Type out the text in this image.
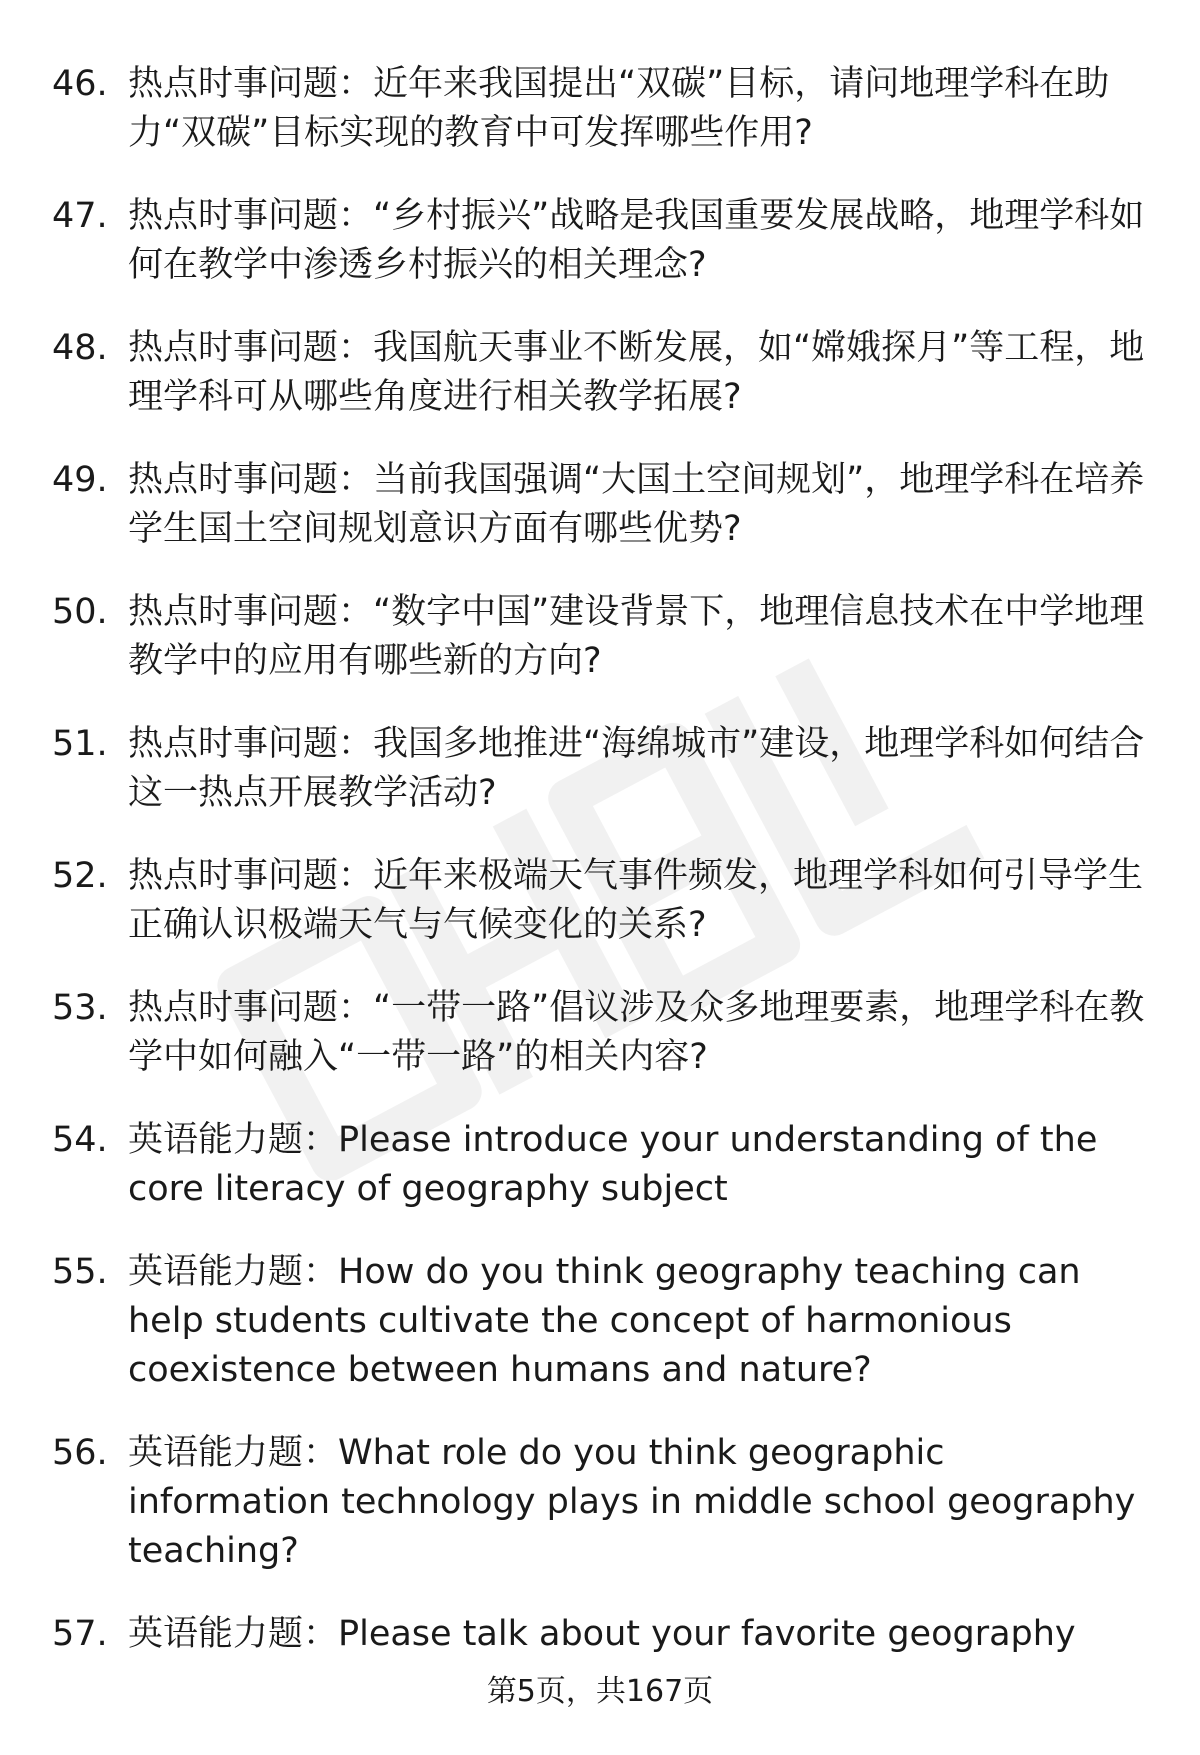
46. 热点时事问题：近年来我国提出“双碳”目标，请问地理学科在助力“双碳”目标实现的教育中可发挥哪些作用?
47. 热点时事问题：“乡村振兴”战略是我国重要发展战略，地理学科如何在教学中渗透乡村振兴的相关理念?
48. 热点时事问题：我国航天事业不断发展，如“嫦娥探月”等工程，地理学科可从哪些角度进行相关教学拓展?
49. 热点时事问题：当前我国强调“大国土空间规划”，地理学科在培养学生国土空间规划意识方面有哪些优势?
50. 热点时事问题：“数字中国”建设背景下，地理信息技术在中学地理教学中的应用有哪些新的方向?
51. 热点时事问题：我国多地推进“海绵城市”建设，地理学科如何结合这一热点开展教学活动?
52. 热点时事问题：近年来极端天气事件频发，地理学科如何引导学生正确认识极端天气与气候变化的关系?
53. 热点时事问题：“一带一路”倡议涉及众多地理要素，地理学科在教学中如何融入“一带一路”的相关内容?
54. 英语能力题：Please introduce your understanding of the core literacy of geography subject
55. 英语能力题：How do you think geography teaching can help students cultivate the concept of harmonious coexistence between humans and nature?
56. 英语能力题：What role do you think geographic information technology plays in middle school geography teaching?
57. 英语能力题：Please talk about your favorite geography
第5页，共167页
